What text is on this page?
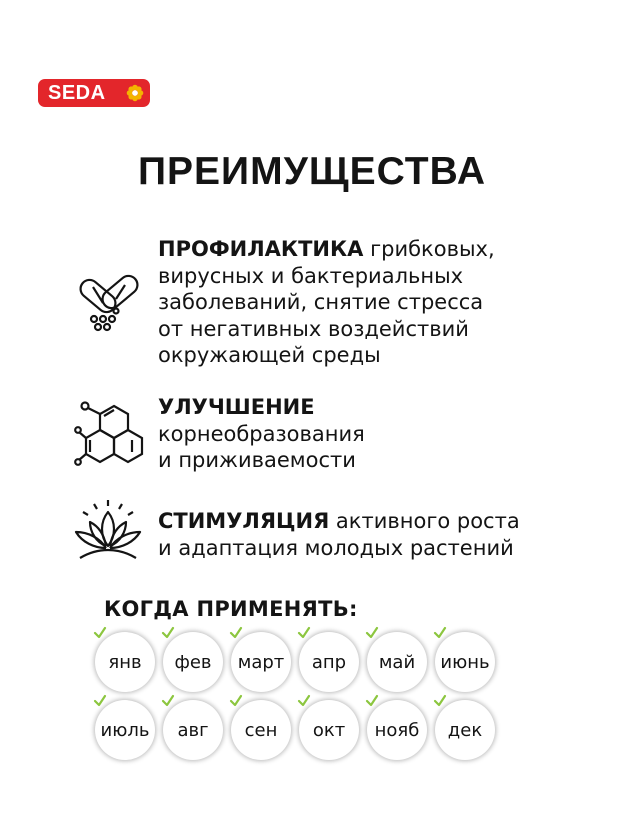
SEDA
ПРЕИМУЩЕСТВА
ПРОФИЛАКТИКА грибковых,
вирусных и бактериальных
заболеваний, снятие стресса
от негативных воздействий
окружающей среды
УЛУЧШЕНИЕ
корнеобразования
и приживаемости
СТИМУЛЯЦИЯ активного роста
и адаптация молодых растений
КОГДА ПРИМЕНЯТЬ:
янв	фев	март	апр	май	июнь
июль	авг	сен	окт	нояб	дек
